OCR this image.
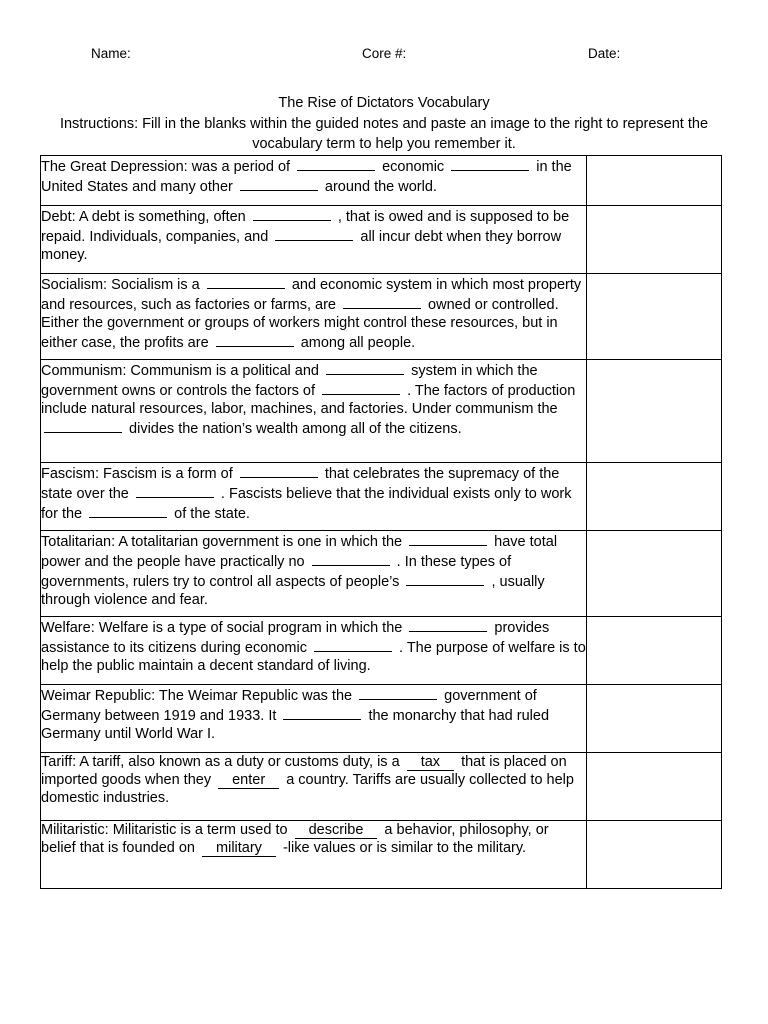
Name:	Core #:	Date:
The Rise of Dictators Vocabulary
Instructions: Fill in the blanks within the guided notes and paste an image to the right to represent the vocabulary term to help you remember it.
The Great Depression: was a period of economic in the United States and many other around the world.	
Debt: A debt is something, often , that is owed and is supposed to be repaid. Individuals, companies, and all incur debt when they borrow money.	
Socialism: Socialism is a and economic system in which most property and resources, such as factories or farms, are owned or controlled. Either the government or groups of workers might control these resources, but in either case, the profits are among all people.	
Communism: Communism is a political and system in which the government owns or controls the factors of . The factors of production include natural resources, labor, machines, and factories. Under communism the  divides the nation’s wealth among all of the citizens.	
Fascism: Fascism is a form of that celebrates the supremacy of the state over the . Fascists believe that the individual exists only to work for the of the state.	
Totalitarian: A totalitarian government is one in which the have total power and the people have practically no . In these types of governments, rulers try to control all aspects of people’s , usually through violence and fear.	
Welfare: Welfare is a type of social program in which the provides assistance to its citizens during economic . The purpose of welfare is to help the public maintain a decent standard of living.	
Weimar Republic: The Weimar Republic was the government of Germany between 1919 and 1933. It the monarchy that had ruled Germany until World War I.	
Tariff: A tariff, also known as a duty or customs duty, is a tax that is placed on imported goods when they enter a country. Tariffs are usually collected to help domestic industries.	
Militaristic: Militaristic is a term used to describe a behavior, philosophy, or belief that is founded on military -like values or is similar to the military.	
